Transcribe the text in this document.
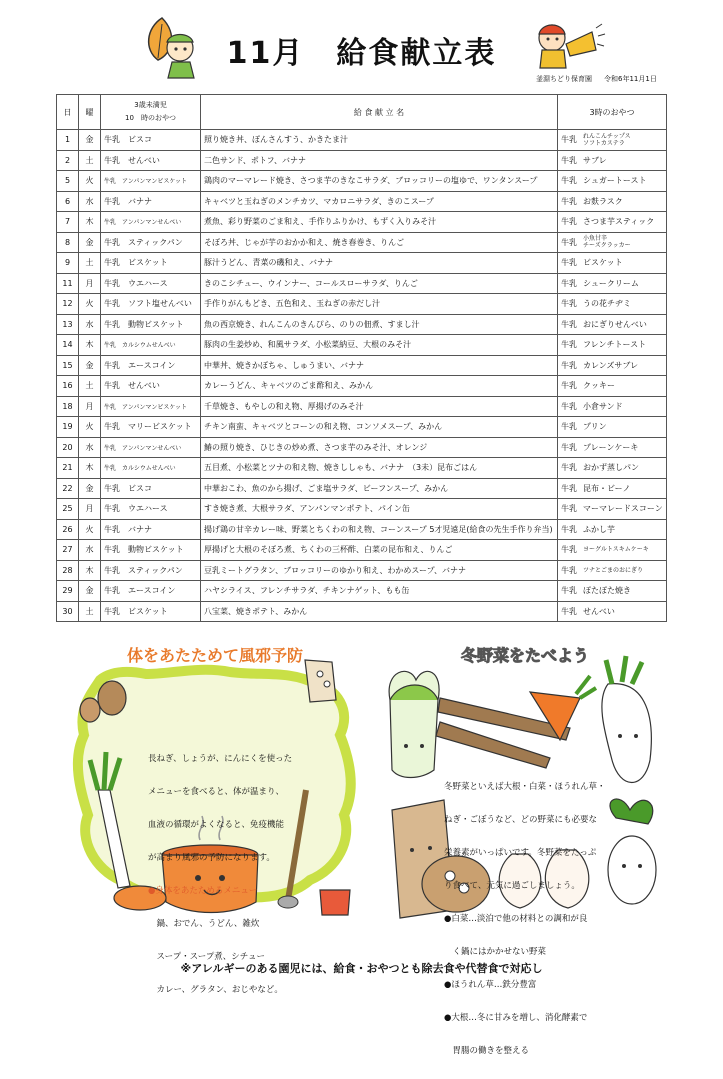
11月　給食献立表
釜淵ちどり保育園 令和6年11月1日
日	曜	3歳未満児
10　時のおやつ	給 食 献 立 名	3時のおやつ
1	金	牛乳　ビスコ	照り焼き丼、ぽんさんすう、かきたま汁	牛乳 れんこんチップス
ソフトカステラ
2	土	牛乳　せんべい	二色サンド、ポトフ、バナナ	牛乳 サブレ
5	火	牛乳　アンパンマンビスケット	鶏肉のマーマレード焼き、さつま芋のきなこサラダ、ブロッコリーの塩ゆで、ワンタンスープ	牛乳 シュガートースト
6	水	牛乳　バナナ	キャベツと玉ねぎのメンチカツ、マカロニサラダ、きのこスープ	牛乳 お麩ラスク
7	木	牛乳　アンパンマンせんべい	煮魚、彩り野菜のごま和え、手作りふりかけ、もずく入りみそ汁	牛乳 さつま芋スティック
8	金	牛乳　スティックパン	そぼろ丼、じゃが芋のおかか和え、焼き春巻き、りんご	牛乳 小魚甘辛
チーズクラッカー
9	土	牛乳　ビスケット	豚汁うどん、青菜の磯和え、バナナ	牛乳 ビスケット
11	月	牛乳　ウエハース	きのこシチュー、ウインナー、コールスローサラダ、りんご	牛乳 シュークリーム
12	火	牛乳　ソフト塩せんべい	手作りがんもどき、五色和え、玉ねぎの赤だし汁	牛乳 うの花チヂミ
13	水	牛乳　動物ビスケット	魚の西京焼き、れんこんのきんぴら、のりの佃煮、すまし汁	牛乳 おにぎりせんべい
14	木	牛乳　カルシウムせんべい	豚肉の生姜炒め、和風サラダ、小松菜納豆、大根のみそ汁	牛乳 フレンチトースト
15	金	牛乳　エースコイン	中華丼、焼きかぼちゃ、しゅうまい、バナナ	牛乳 カレンズサブレ
16	土	牛乳　せんべい	カレーうどん、キャベツのごま酢和え、みかん	牛乳 クッキー
18	月	牛乳　アンパンマンビスケット	千草焼き、もやしの和え物、厚揚げのみそ汁	牛乳 小倉サンド
19	火	牛乳　マリービスケット	チキン南蛮、キャベツとコーンの和え物、コンソメスープ、みかん	牛乳 プリン
20	水	牛乳　アンパンマンせんべい	鰆の照り焼き、ひじきの炒め煮、さつま芋のみそ汁、オレンジ	牛乳 プレーンケーキ
21	木	牛乳　カルシウムせんべい	五目煮、小松菜とツナの和え物、焼きししゃも、バナナ　（3未）昆布ごはん	牛乳 おかず蒸しパン
22	金	牛乳　ビスコ	中華おこわ、魚のから揚げ、ごま塩サラダ、ビーフンスープ、みかん	牛乳 昆布・ビーノ
25	月	牛乳　ウエハース	すき焼き煮、大根サラダ、アンパンマンポテト、パイン缶	牛乳 マーマレードスコーン
26	火	牛乳　バナナ	揚げ鶏の甘辛カレー味、野菜とちくわの和え物、コーンスープ 5才児遠足(給食の先生手作り弁当)	牛乳 ふかし芋
27	水	牛乳　動物ビスケット	厚揚げと大根のそぼろ煮、ちくわの三杯酢、白菜の昆布和え、りんご	牛乳 ヨーグルトスキムケーキ
28	木	牛乳　スティックパン	豆乳ミートグラタン、ブロッコリーのゆかり和え、わかめスープ、バナナ	牛乳 ツナとごまのおにぎり
29	金	牛乳　エースコイン	ハヤシライス、フレンチサラダ、チキンナゲット、もも缶	牛乳 ぽたぽた焼き
30	土	牛乳　ビスケット	八宝菜、焼きポテト、みかん	牛乳 せんべい
体をあたためて風邪予防

長ねぎ、しょうが、にんにくを使った

メニューを食べると、体が温まり、

血液の循環がよくなると、免疫機能

が高まり風邪の予防になります。

●身体をあたためるメニュー

　鍋、おでん、うどん、雑炊

　スープ・スープ煮、シチュー

　カレー、グラタン、おじやなど。

冬野菜をたべよう

冬野菜といえば大根・白菜・ほうれん草・

ねぎ・ごぼうなど、どの野菜にも必要な

栄養素がいっぱいです。冬野菜をたっぷ

り食べて、元気に過ごしましょう。

●白菜…淡泊で他の材料との調和が良

　く鍋にはかかせない野菜

●ほうれん草…鉄分豊富

●大根…冬に甘みを増し、消化酵素で

　胃腸の働きを整える

※アレルギーのある園児には、給食・おやつとも除去食や代替食で対応し
